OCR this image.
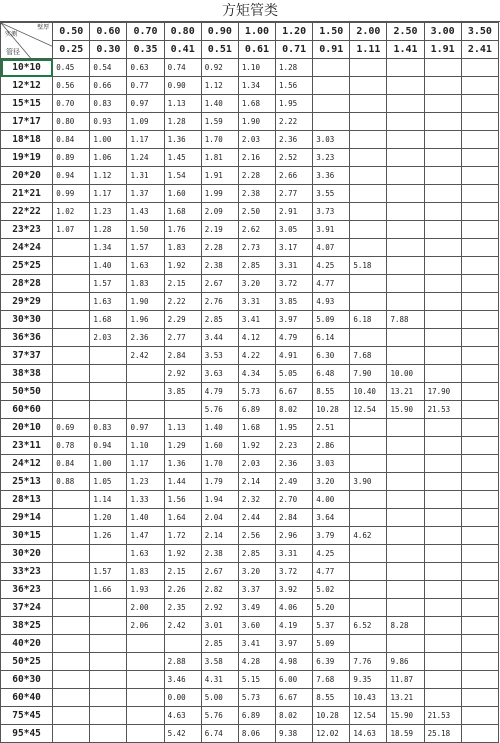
方矩管类
壁厚
实测
管径	0.50	0.60	0.70	0.80	0.90	1.00	1.20	1.50	2.00	2.50	3.00	3.50
	0.25	0.30	0.35	0.41	0.51	0.61	0.71	0.91	1.11	1.41	1.91	2.41
10*10	0.45	0.54	0.63	0.74	0.92	1.10	1.28					
12*12	0.56	0.66	0.77	0.90	1.12	1.34	1.56					
15*15	0.70	0.83	0.97	1.13	1.40	1.68	1.95					
17*17	0.80	0.93	1.09	1.28	1.59	1.90	2.22					
18*18	0.84	1.00	1.17	1.36	1.70	2.03	2.36	3.03				
19*19	0.89	1.06	1.24	1.45	1.81	2.16	2.52	3.23				
20*20	0.94	1.12	1.31	1.54	1.91	2.28	2.66	3.36				
21*21	0.99	1.17	1.37	1.60	1.99	2.38	2.77	3.55				
22*22	1.02	1.23	1.43	1.68	2.09	2.50	2.91	3.73				
23*23	1.07	1.28	1.50	1.76	2.19	2.62	3.05	3.91				
24*24		1.34	1.57	1.83	2.28	2.73	3.17	4.07				
25*25		1.40	1.63	1.92	2.38	2.85	3.31	4.25	5.18			
28*28		1.57	1.83	2.15	2.67	3.20	3.72	4.77				
29*29		1.63	1.90	2.22	2.76	3.31	3.85	4.93				
30*30		1.68	1.96	2.29	2.85	3.41	3.97	5.09	6.18	7.88		
36*36		2.03	2.36	2.77	3.44	4.12	4.79	6.14				
37*37			2.42	2.84	3.53	4.22	4.91	6.30	7.68			
38*38				2.92	3.63	4.34	5.05	6.48	7.90	10.00		
50*50				3.85	4.79	5.73	6.67	8.55	10.40	13.21	17.90	
60*60					5.76	6.89	8.02	10.28	12.54	15.90	21.53	
20*10	0.69	0.83	0.97	1.13	1.40	1.68	1.95	2.51				
23*11	0.78	0.94	1.10	1.29	1.60	1.92	2.23	2.86				
24*12	0.84	1.00	1.17	1.36	1.70	2.03	2.36	3.03				
25*13	0.88	1.05	1.23	1.44	1.79	2.14	2.49	3.20	3.90			
28*13		1.14	1.33	1.56	1.94	2.32	2.70	4.00				
29*14		1.20	1.40	1.64	2.04	2.44	2.84	3.64				
30*15		1.26	1.47	1.72	2.14	2.56	2.96	3.79	4.62			
30*20			1.63	1.92	2.38	2.85	3.31	4.25				
33*23		1.57	1.83	2.15	2.67	3.20	3.72	4.77				
36*23		1.66	1.93	2.26	2.82	3.37	3.92	5.02				
37*24			2.00	2.35	2.92	3.49	4.06	5.20				
38*25			2.06	2.42	3.01	3.60	4.19	5.37	6.52	8.28		
40*20					2.85	3.41	3.97	5.09				
50*25				2.88	3.58	4.28	4.98	6.39	7.76	9.86		
60*30				3.46	4.31	5.15	6.00	7.68	9.35	11.87		
60*40				0.00	5.00	5.73	6.67	8.55	10.43	13.21		
75*45				4.63	5.76	6.89	8.02	10.28	12.54	15.90	21.53	
95*45				5.42	6.74	8.06	9.38	12.02	14.63	18.59	25.18	
